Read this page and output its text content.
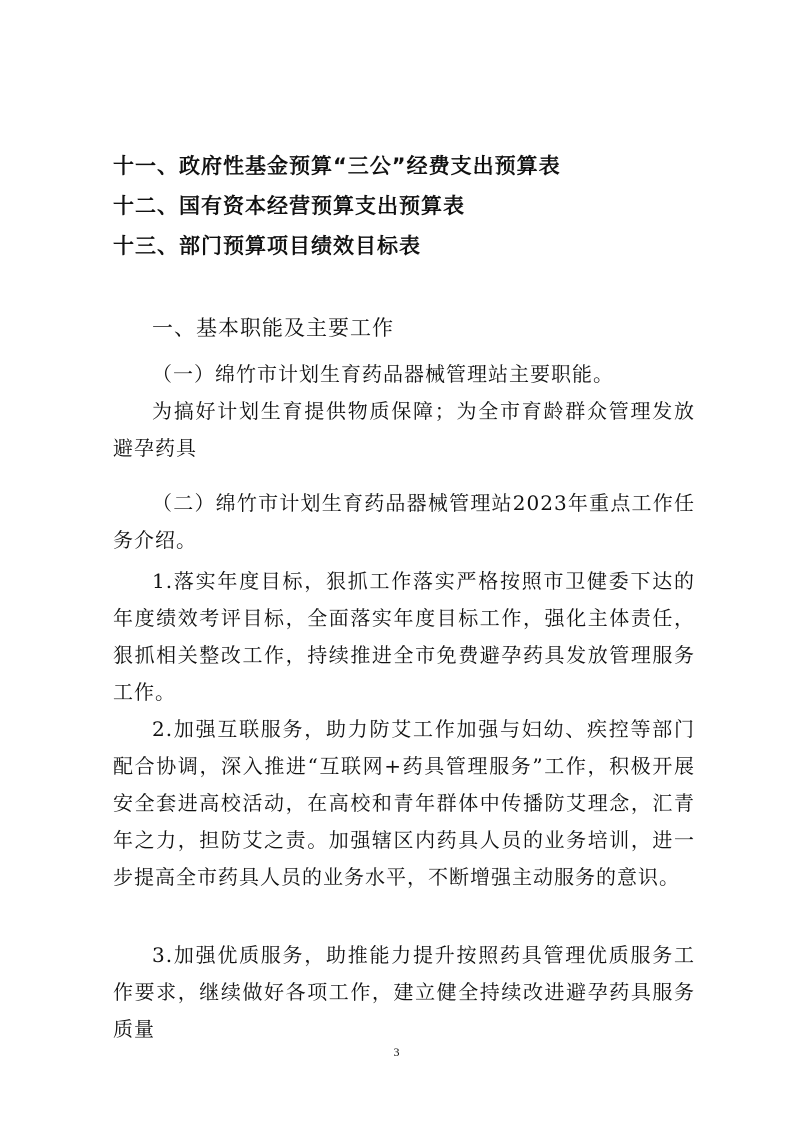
十一、政府性基金预算“三公”经费支出预算表

十二、国有资本经营预算支出预算表

十三、部门预算项目绩效目标表

一、基本职能及主要工作

（一）绵竹市计划生育药品器械管理站主要职能。

为搞好计划生育提供物质保障；为全市育龄群众管理发放避孕药具

（二）绵竹市计划生育药品器械管理站2023年重点工作任务介绍。

1.落实年度目标，狠抓工作落实严格按照市卫健委下达的年度绩效考评目标，全面落实年度目标工作，强化主体责任，狠抓相关整改工作，持续推进全市免费避孕药具发放管理服务工作。

2.加强互联服务，助力防艾工作加强与妇幼、疾控等部门配合协调，深入推进“互联网+药具管理服务”工作，积极开展安全套进高校活动，在高校和青年群体中传播防艾理念，汇青年之力，担防艾之责。加强辖区内药具人员的业务培训，进一步提高全市药具人员的业务水平，不断增强主动服务的意识。

3.加强优质服务，助推能力提升按照药具管理优质服务工作要求，继续做好各项工作，建立健全持续改进避孕药具服务质量

3
